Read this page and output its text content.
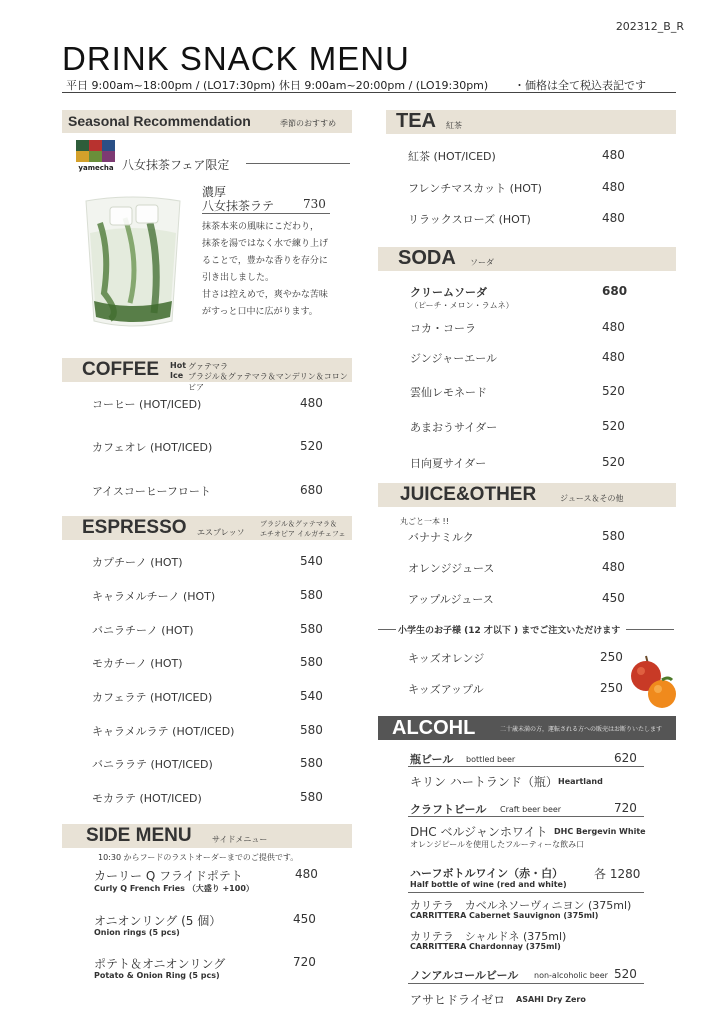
202312_B_R
DRINK SNACK MENU
平日 9:00am~18:00pm / (LO17:30pm) 休日 9:00am~20:00pm / (LO19:30pm) ・価格は全て税込表記です
Seasonal Recommendation	季節のおすすめ
yamecha 八女抹茶フェア限定
濃厚
八女抹茶ラテ 730
抹茶本来の風味にこだわり，
抹茶を湯ではなく水で練り上げ
ることで，豊かな香りを存分に
引き出しました。
甘さは控えめで，爽やかな苦味
がすっと口中に広がります。
COFFEE Hot グァテマラ
Ice ブラジル＆グァテマラ＆マンデリン＆コロンビア
コーヒー (HOT/ICED)	480
カフェオレ (HOT/ICED)	520
アイスコーヒーフロート	680
ESPRESSO エスプレッソ
ブラジル＆グァテマラ＆
エチオピア イルガチェフェ
カプチーノ (HOT)	540
キャラメルチーノ (HOT)	580
バニラチーノ (HOT)	580
モカチーノ (HOT)	580
カフェラテ (HOT/ICED)	540
キャラメルラテ (HOT/ICED)	580
バニララテ (HOT/ICED)	580
モカラテ (HOT/ICED)	580
SIDE MENU	サイドメニュー
10:30 からフードのラストオーダーまでのご提供です。
カーリー Q フライドポテト
Curly Q French Fries （大盛り +100）
480
オニオンリング (5 個）
Onion rings (5 pcs)
450
ポテト＆オニオンリング
Potato & Onion Ring (5 pcs)
720
TEA 紅茶
紅茶 (HOT/ICED)	480
フレンチマスカット (HOT)	480
リラックスローズ (HOT)	480
SODA ソーダ
クリームソーダ
（ピーチ・メロン・ラムネ）
680
コカ・コーラ	480
ジンジャーエール	480
雲仙レモネード	520
あまおうサイダー	520
日向夏サイダー	520
JUICE&OTHER	ジュース＆その他
丸ごと一本 !!
バナナミルク	580
オレンジジュース	480
アップルジュース	450
小学生のお子様 (12 才以下 ) までご注文いただけます
キッズオレンジ	250
キッズアップル	250
ALCOHL	二十歳未満の方，運転される方への販売はお断りいたします
瓶ビール bottled beer	620
キリン ハートランド（瓶） Heartland
クラフトビール Craft beer beer	720
DHC ベルジャンホワイト DHC Bergevin White
オレンジピールを使用したフルーティーな飲み口
ハーフボトルワイン（赤・白）	各 1280
Half bottle of wine (red and white)
カリテラ　カベルネソーヴィニヨン (375ml)
CARRITTERA Cabernet Sauvignon (375ml)
カリテラ　シャルドネ (375ml)
CARRITTERA Chardonnay (375ml)
ノンアルコールビール non-alcoholic beer 520
アサヒドライゼロ ASAHI Dry Zero
